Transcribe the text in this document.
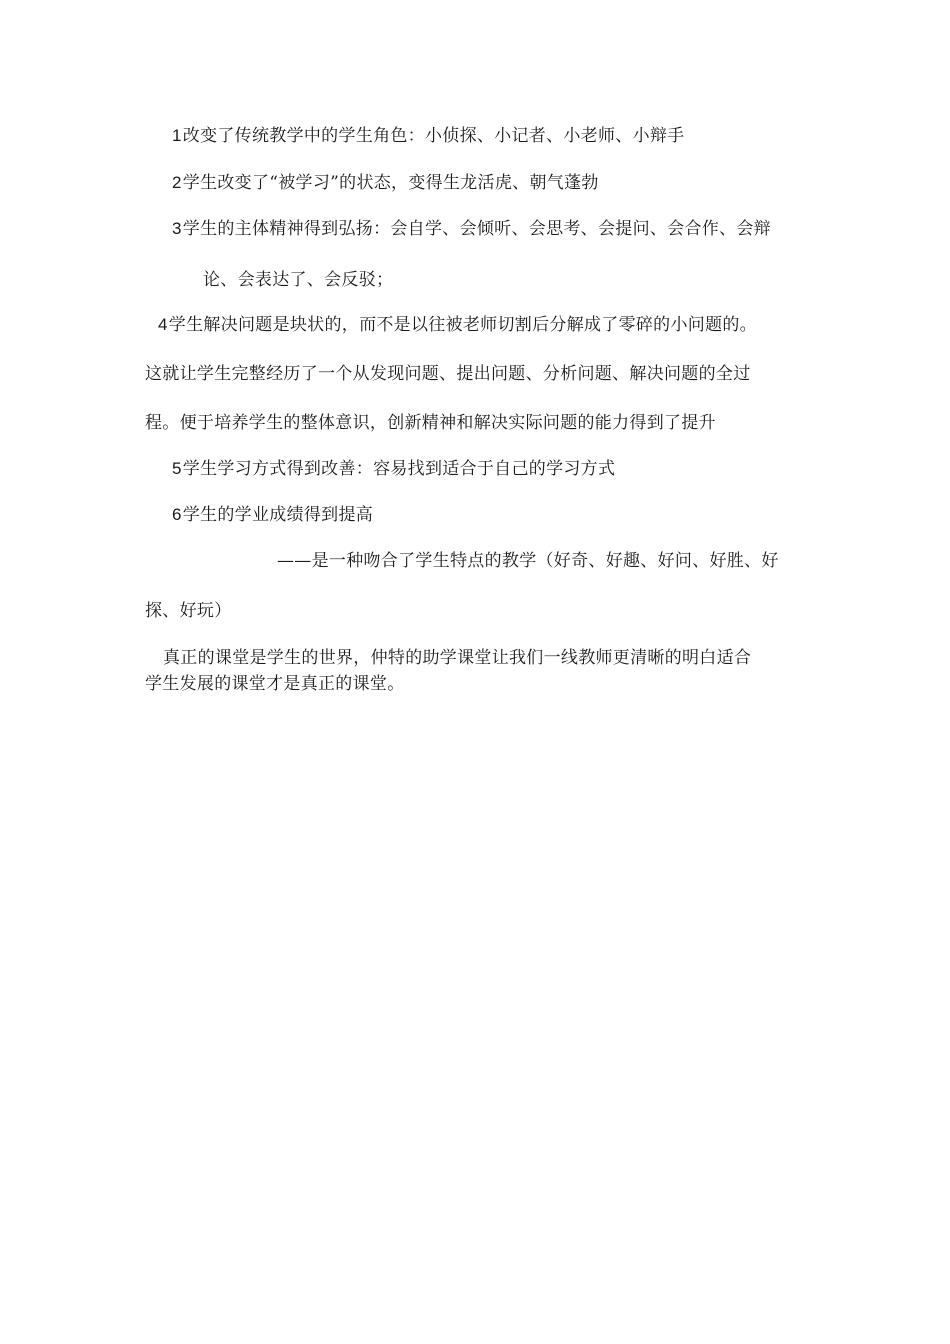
1改变了传统教学中的学生角色：小侦探、小记者、小老师、小辩手
2学生改变了“被学习”的状态，变得生龙活虎、朝气蓬勃
3学生的主体精神得到弘扬：会自学、会倾听、会思考、会提问、会合作、会辩
论、会表达了、会反驳；
4学生解决问题是块状的，而不是以往被老师切割后分解成了零碎的小问题的。
这就让学生完整经历了一个从发现问题、提出问题、分析问题、解决问题的全过
程。便于培养学生的整体意识，创新精神和解决实际问题的能力得到了提升
5学生学习方式得到改善：容易找到适合于自己的学习方式
6学生的学业成绩得到提高
——是一种吻合了学生特点的教学（好奇、好趣、好问、好胜、好
探、好玩）
真正的课堂是学生的世界，仲特的助学课堂让我们一线教师更清晰的明白适合
学生发展的课堂才是真正的课堂。
